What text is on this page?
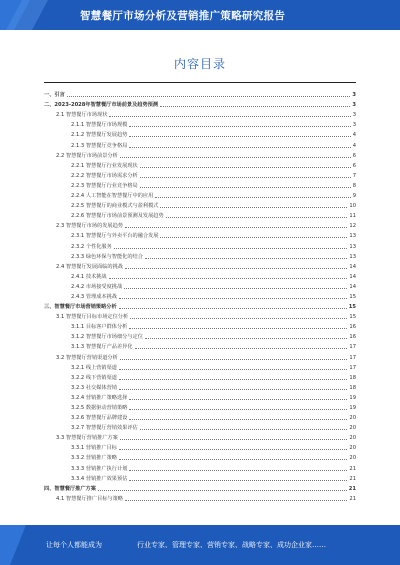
智慧餐厅市场分析及营销推广策略研究报告
内容目录
一、引言	3
二、2023-2028年智慧餐厅市场前景及趋势预测	3
2.1 智慧餐厅市场现状	3
2.1.1 智慧餐厅市场规模	3
2.1.2 智慧餐厅发展趋势	4
2.1.3 智慧餐厅竞争格局	4
2.2 智慧餐厅市场前景分析	6
2.2.1 智慧餐厅行业发展现状	6
2.2.2 智慧餐厅市场需求分析	7
2.2.3 智慧餐厅行业竞争格局	8
2.2.4 人工智能在智慧餐厅中的应用	9
2.2.5 智慧餐厅的商业模式与盈利模式	10
2.2.6 智慧餐厅市场前景预测及发展趋势	11
2.3 智慧餐厅市场的发展趋势	12
2.3.1 智慧餐厅与外卖平台的融合发展	13
2.3.2 个性化服务	13
2.3.3 绿色环保与智能化的结合	13
2.4 智慧餐厅发展面临的挑战	14
2.4.1 技术挑战	14
2.4.2 市场接受度挑战	14
2.4.3 管理成本挑战	15
三、智慧餐厅市场营销策略分析	15
3.1 智慧餐厅目标市场定位分析	15
3.1.1 目标客户群体分析	16
3.1.2 智慧餐厅市场细分与定位	16
3.1.3 智慧餐厅产品差异化	17
3.2 智慧餐厅营销渠道分析	17
3.2.1 线上营销渠道	17
3.2.2 线下营销渠道	18
3.2.3 社交媒体营销	18
3.2.4 营销推广策略选择	19
3.2.5 数据驱动营销策略	19
3.2.6 智慧餐厅品牌建设	20
3.2.7 智慧餐厅营销效果评估	20
3.3 智慧餐厅营销推广方案	20
3.3.1 营销推广目标	20
3.3.2 营销推广策略	20
3.3.3 营销推广执行计划	21
3.3.4 营销推广效果预估	21
四、智慧餐厅推广方案	21
4.1 智慧餐厅推广目标与策略	21
让每个人都能成为	行业专家、管理专家、营销专家、战略专家、成功企业家……
